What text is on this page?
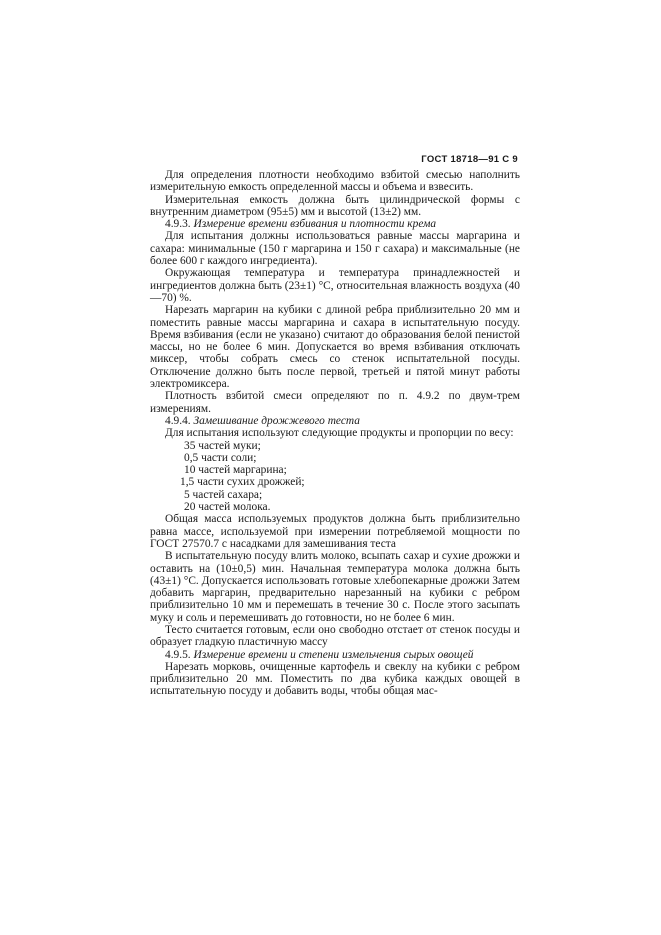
ГОСТ 18718—91 С 9

Для определения плотности необходимо взбитой смесью наполнить измерительную емкость определенной массы и объема и взвесить.

Измерительная емкость должна быть цилиндрической формы с внутренним диаметром (95±5) мм и высотой (13±2) мм.

4.9.3. Измерение времени взбивания и плотности крема

Для испытания должны использоваться равные массы маргарина и сахара: минимальные (150 г маргарина и 150 г сахара) и максимальные (не более 600 г каждого ингредиента).

Окружающая температура и температура принадлежностей и ингредиентов должна быть (23±1) °С, относительная влажность воздуха (40—70) %.

Нарезать маргарин на кубики с длиной ребра приблизительно 20 мм и поместить равные массы маргарина и сахара в испытательную посуду. Время взбивания (если не указано) считают до образования белой пенистой массы, но не более 6 мин. Допускается во время взбивания отключать миксер, чтобы собрать смесь со стенок испытательной посуды. Отключение должно быть после первой, третьей и пятой минут работы электромиксера.

Плотность взбитой смеси определяют по п. 4.9.2 по двум-трем измерениям.

4.9.4. Замешивание дрожжевого теста

Для испытания используют следующие продукты и пропорции по весу:

35 частей муки;
0,5 части соли;
10 частей маргарина;
1,5 части сухих дрожжей;
5 частей сахара;
20 частей молока.

Общая масса используемых продуктов должна быть приблизительно равна массе, используемой при измерении потребляемой мощности по ГОСТ 27570.7 с насадками для замешивания теста

В испытательную посуду влить молоко, всыпать сахар и сухие дрожжи и оставить на (10±0,5) мин. Начальная температура молока должна быть (43±1) °С. Допускается использовать готовые хлебопекарные дрожжи Затем добавить маргарин, предварительно нарезанный на кубики с ребром приблизительно 10 мм и перемешать в течение 30 с. После этого засыпать муку и соль и перемешивать до готовности, но не более 6 мин.

Тесто считается готовым, если оно свободно отстает от стенок посуды и образует гладкую пластичную массу

4.9.5. Измерение времени и степени измельчения сырых овощей

Нарезать морковь, очищенные картофель и свеклу на кубики с ребром приблизительно 20 мм. Поместить по два кубика каждых овощей в испытательную посуду и добавить воды, чтобы общая мас-
